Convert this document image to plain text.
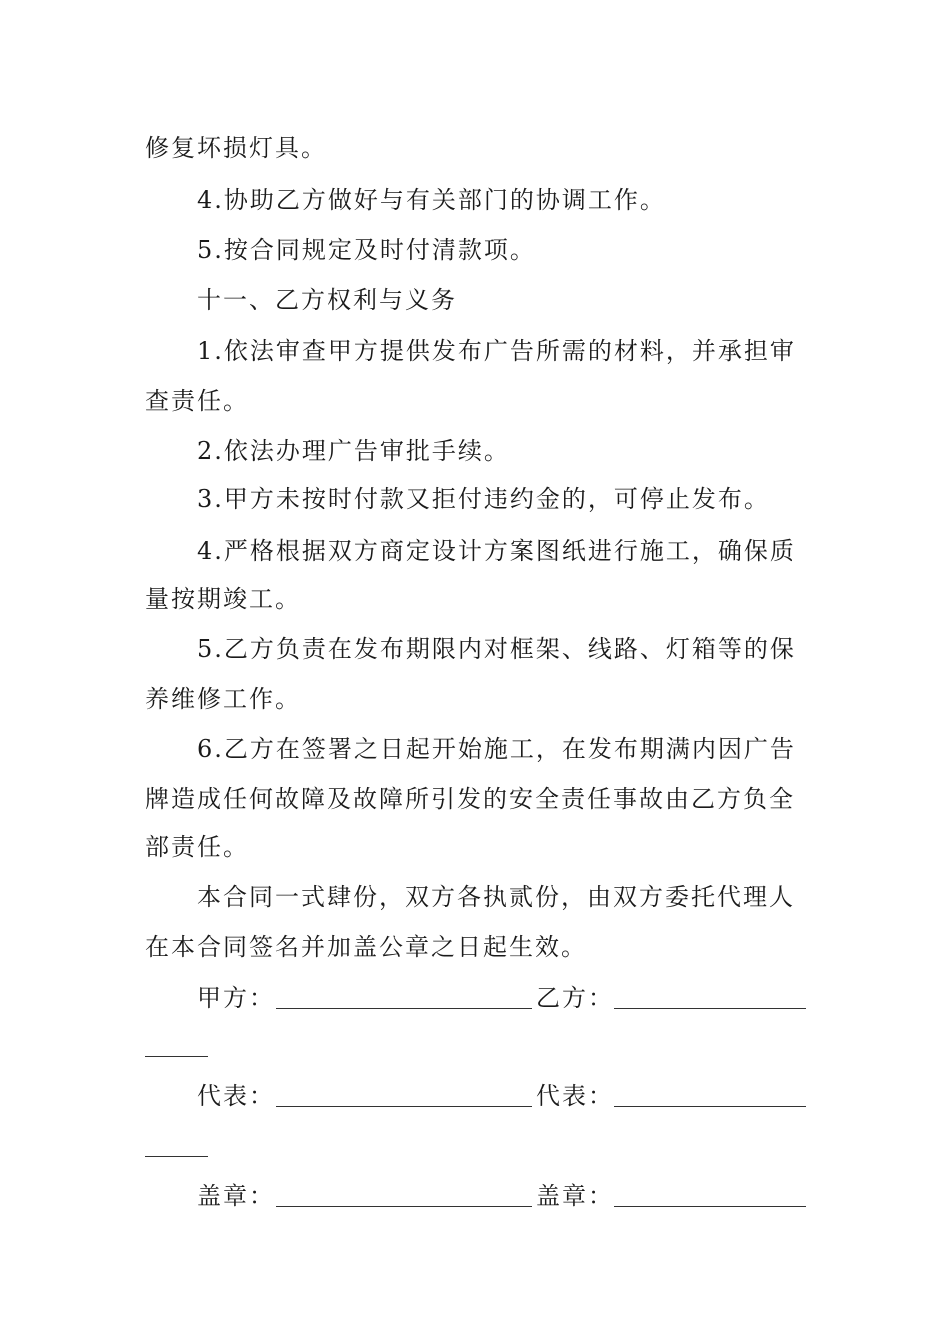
修复坏损灯具。
4.协助乙方做好与有关部门的协调工作。
5.按合同规定及时付清款项。
十一、乙方权利与义务
1.依法审查甲方提供发布广告所需的材料，并承担审
查责任。
2.依法办理广告审批手续。
3.甲方未按时付款又拒付违约金的，可停止发布。
4.严格根据双方商定设计方案图纸进行施工，确保质
量按期竣工。
5.乙方负责在发布期限内对框架、线路、灯箱等的保
养维修工作。
6.乙方在签署之日起开始施工，在发布期满内因广告
牌造成任何故障及故障所引发的安全责任事故由乙方负全
部责任。
本合同一式肆份，双方各执贰份，由双方委托代理人
在本合同签名并加盖公章之日起生效。
甲方：	乙方：
代表：	代表：
盖章：	盖章：
